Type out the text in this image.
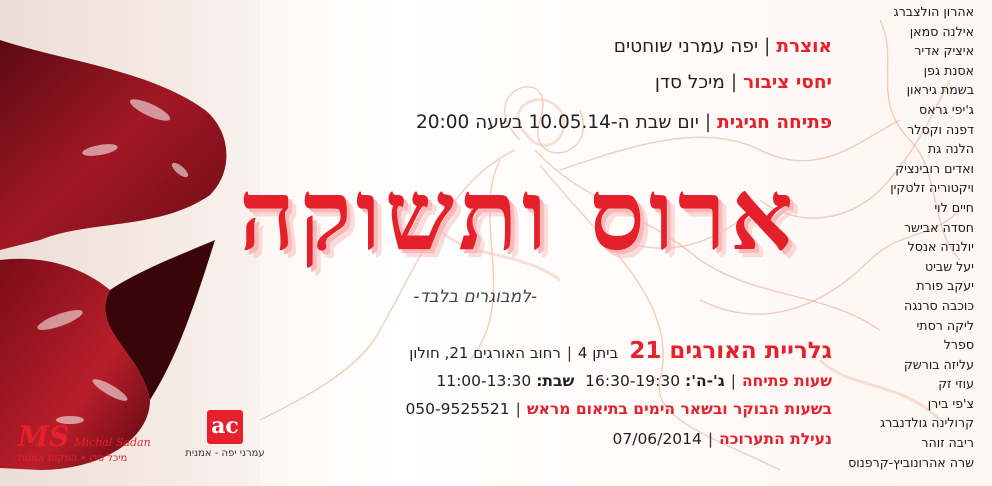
אוצרת|יפה עמרני שוחטים
יחסי ציבור|מיכל סדן
פתיחה חגיגית|יום שבת ה-10.05.14 בשעה 20:00
ארוס ותשוקה
-למבוגרים בלבד-
גלריית האורגים 21 ביתן 4|רחוב האורגים 21, חולון
שעות פתיחה|ג'-ה': 16:30-19:30 שבת: 11:00-13:30
בשעות הבוקר ובשאר הימים בתיאום מראש|050-9525521
נעילת התערוכה|07/06/2014
אהרון הולצברג
אילנה סמאן
איציק אדיר
אסנת גפן
בשמת גיראון
ג'יפי גראס
דפנה וקסלר
הלנה גת
ואדים רובינציק
ויקטוריה זלטקין
חיים לוי
חסדה אבישר
יולנדה אנסל
יעל שביט
יעקב פורת
כוכבה סרנגה
ליקה רסתי
ספרל
עליזה בורשק
עוזי זק
צ'פי בירן
קרולינה גולדנברג
ריבה זוהר
שרה אהרונוביץ-קרפנוס
ac
עמרני יפה - אמנית
MS Michal Sadan
מיכל סדן • הפקות אמנות
